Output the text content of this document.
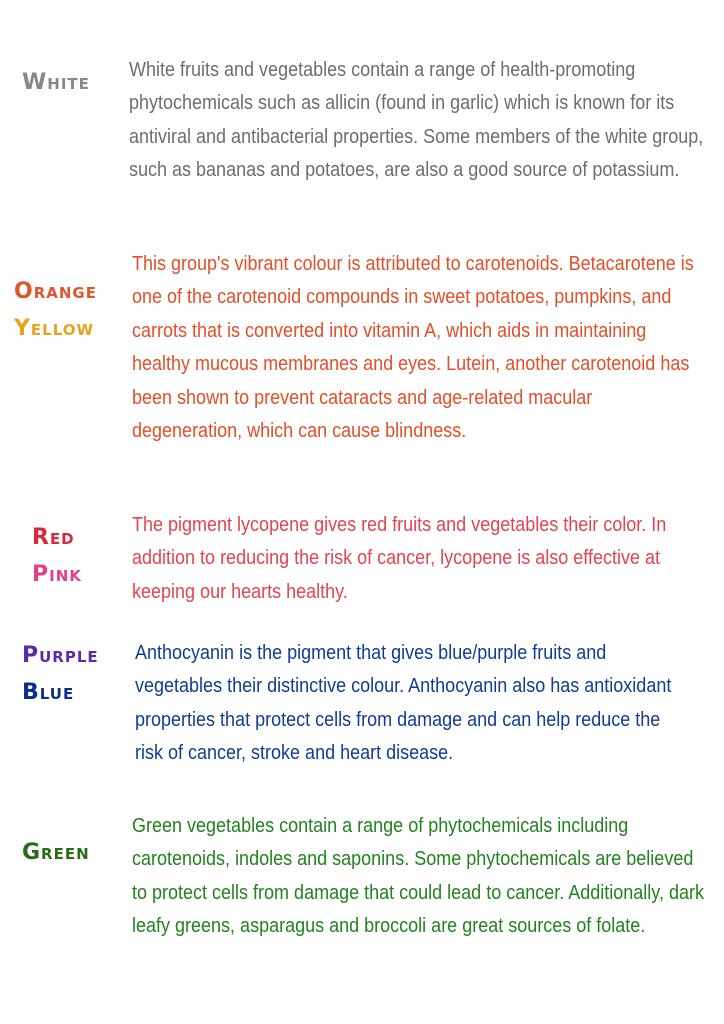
White White fruits and vegetables contain a range of health-promoting phytochemicals such as allicin (found in garlic) which is known for its antiviral and antibacterial properties. Some members of the white group, such as bananas and potatoes, are also a good source of potassium.

Orange
Yellow

This group's vibrant colour is attributed to carotenoids. Betacarotene is one of the carotenoid compounds in sweet potatoes, pumpkins, and carrots that is converted into vitamin A, which aids in maintaining healthy mucous membranes and eyes. Lutein, another carotenoid has been shown to prevent cataracts and age-related macular degeneration, which can cause blindness.

Red
Pink

The pigment lycopene gives red fruits and vegetables their color. In addition to reducing the risk of cancer, lycopene is also effective at keeping our hearts healthy.

Purple
Blue

Anthocyanin is the pigment that gives blue/purple fruits and vegetables their distinctive colour. Anthocyanin also has antioxidant properties that protect cells from damage and can help reduce the risk of cancer, stroke and heart disease.

Green

Green vegetables contain a range of phytochemicals including carotenoids, indoles and saponins. Some phytochemicals are believed to protect cells from damage that could lead to cancer. Additionally, dark leafy greens, asparagus and broccoli are great sources of folate.
